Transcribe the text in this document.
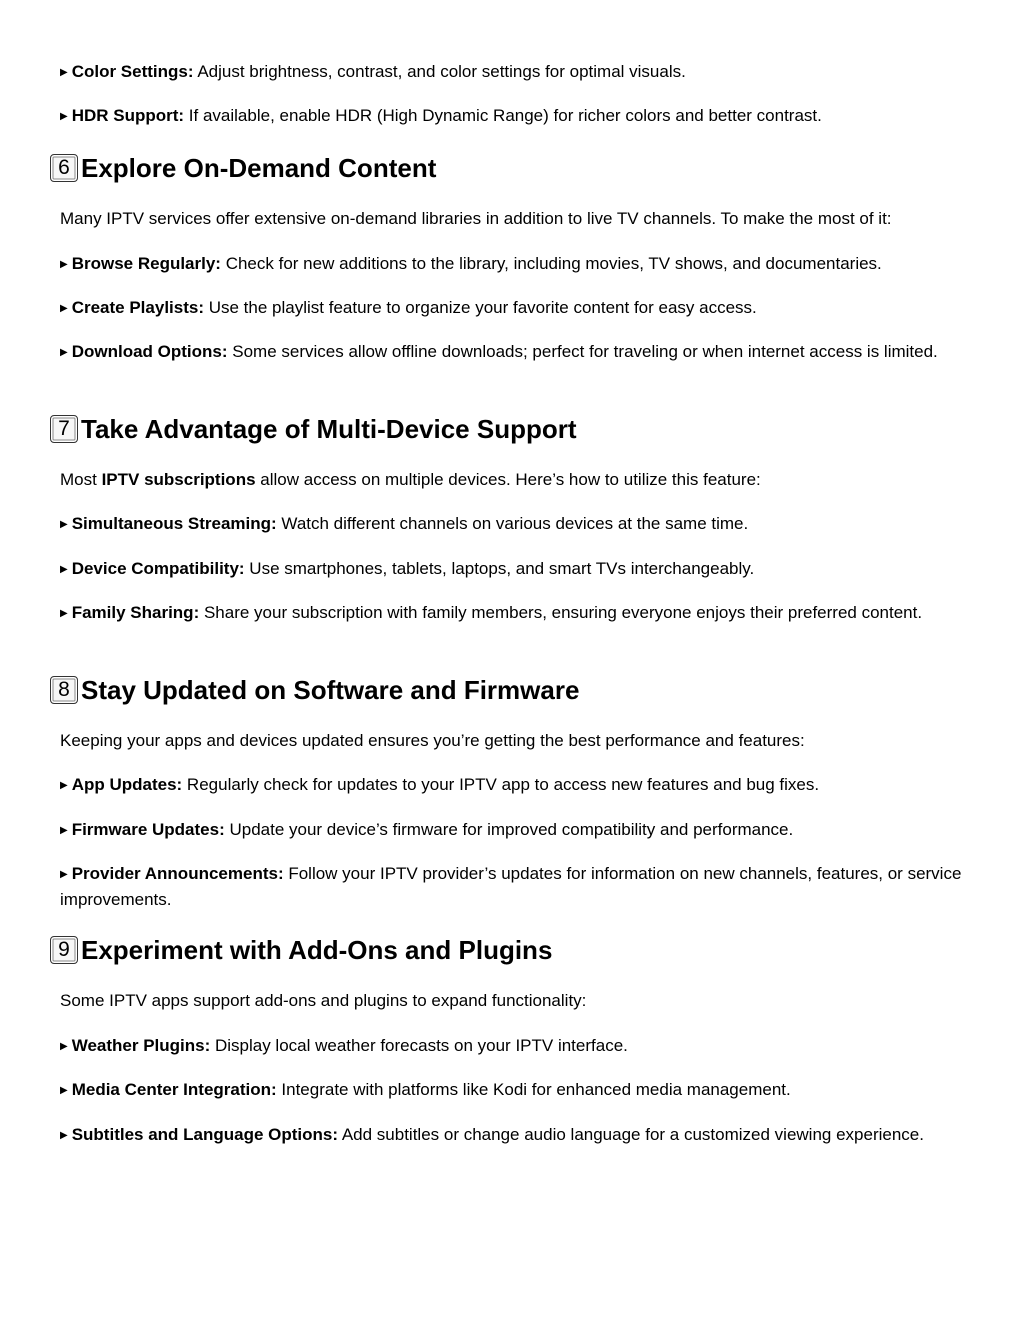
▶ Color Settings: Adjust brightness, contrast, and color settings for optimal visuals.
▶ HDR Support: If available, enable HDR (High Dynamic Range) for richer colors and better contrast.
6 Explore On-Demand Content
Many IPTV services offer extensive on-demand libraries in addition to live TV channels. To make the most of it:
▶ Browse Regularly: Check for new additions to the library, including movies, TV shows, and documentaries.
▶ Create Playlists: Use the playlist feature to organize your favorite content for easy access.
▶ Download Options: Some services allow offline downloads; perfect for traveling or when internet access is limited.
7 Take Advantage of Multi-Device Support
Most IPTV subscriptions allow access on multiple devices. Here’s how to utilize this feature:
▶ Simultaneous Streaming: Watch different channels on various devices at the same time.
▶ Device Compatibility: Use smartphones, tablets, laptops, and smart TVs interchangeably.
▶ Family Sharing: Share your subscription with family members, ensuring everyone enjoys their preferred content.
8 Stay Updated on Software and Firmware
Keeping your apps and devices updated ensures you’re getting the best performance and features:
▶ App Updates: Regularly check for updates to your IPTV app to access new features and bug fixes.
▶ Firmware Updates: Update your device’s firmware for improved compatibility and performance.
▶ Provider Announcements: Follow your IPTV provider’s updates for information on new channels, features, or service improvements.
9 Experiment with Add-Ons and Plugins
Some IPTV apps support add-ons and plugins to expand functionality:
▶ Weather Plugins: Display local weather forecasts on your IPTV interface.
▶ Media Center Integration: Integrate with platforms like Kodi for enhanced media management.
▶ Subtitles and Language Options: Add subtitles or change audio language for a customized viewing experience.
